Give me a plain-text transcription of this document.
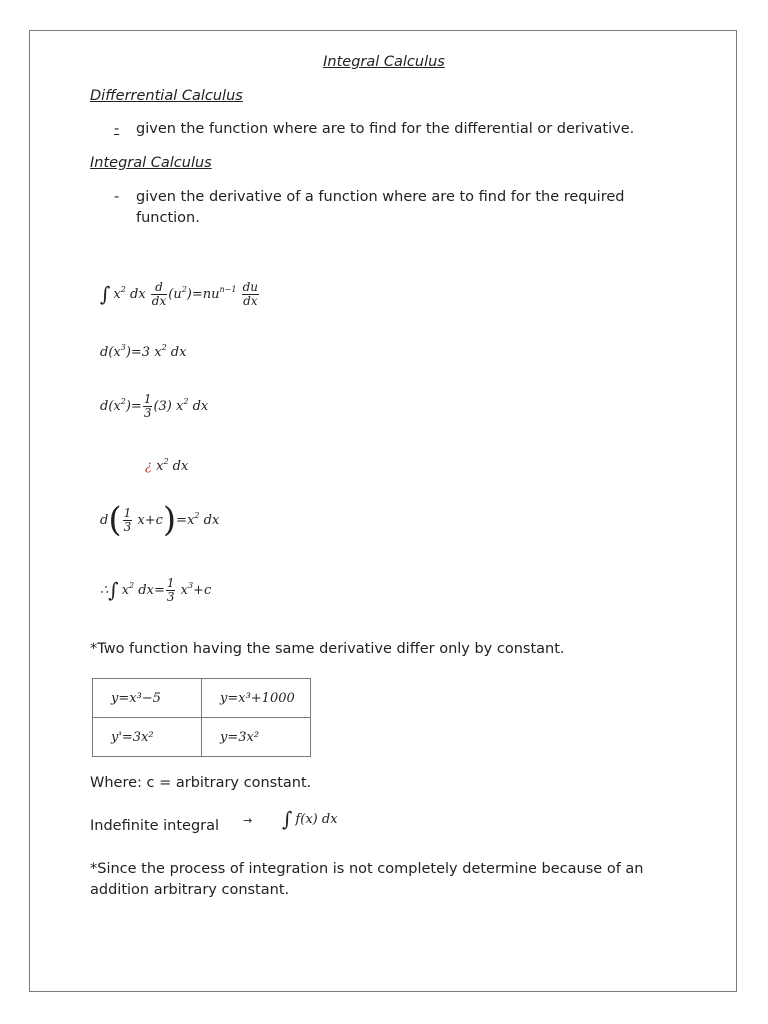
Integral Calculus
Differrential Calculus
-	given the function where are to find for the differential or derivative.
Integral Calculus
- given the derivative of a function where are to find for the required
function.
∫ $x^2$ dx $\frac{d}{dx} (u^2)=nu^{n-1} \frac{du}{dx}$
$d(x^3)=3$ $x^2$ dx
$d(x^2)= \frac{1}{3} (3)$ $x^2$ dx
¿ $x^2$ dx
$d( \frac{1}{3} x+c)=x^2$ dx
∴∫ $x^2$ $dx= \frac{1}{3} x^3+c$
*Two function having the same derivative differ only by constant.
y=x³−5	y=x³+1000
y'=3x²	y=3x²
Where: c = arbitrary constant.
Indefinite integral → ∫ f(x) dx
*Since the process of integration is not completely determine because of an
addition arbitrary constant.
